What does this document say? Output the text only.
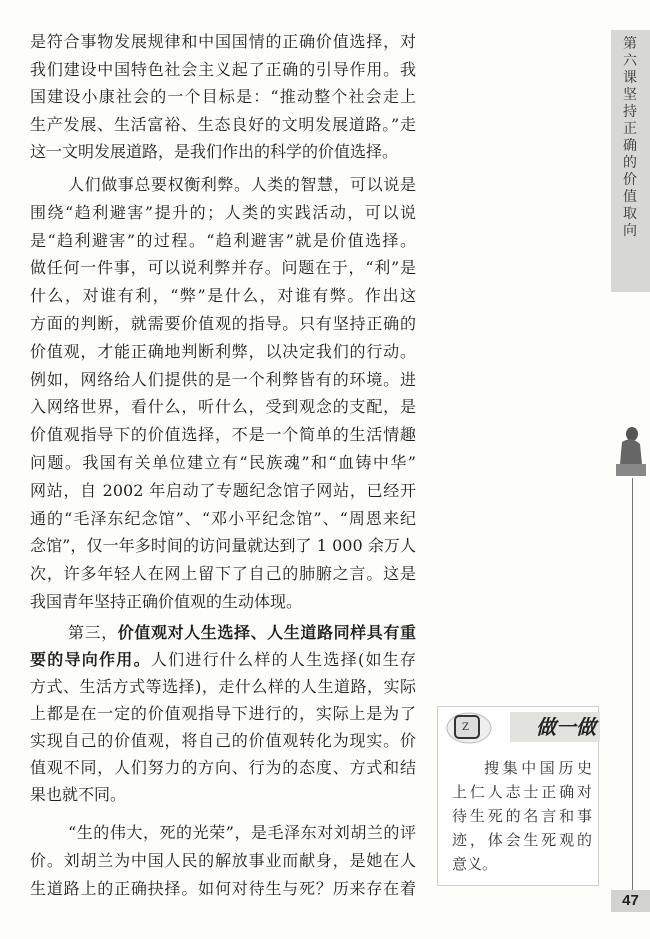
第六课 坚持正确的价值取向
47
Z	做一做
搜集中国历史
上仁人志士正确对
待生死的名言和事
迹，体会生死观的
意义。
是符合事物发展规律和中国国情的正确价值选择，对
我们建设中国特色社会主义起了正确的引导作用。我
国建设小康社会的一个目标是：“推动整个社会走上
生产发展、生活富裕、生态良好的文明发展道路。”走
这一文明发展道路，是我们作出的科学的价值选择。
人们做事总要权衡利弊。人类的智慧，可以说是
围绕“趋利避害”提升的；人类的实践活动，可以说
是“趋利避害”的过程。“趋利避害”就是价值选择。
做任何一件事，可以说利弊并存。问题在于，“利”是
什么，对谁有利，“弊”是什么，对谁有弊。作出这
方面的判断，就需要价值观的指导。只有坚持正确的
价值观，才能正确地判断利弊，以决定我们的行动。
例如，网络给人们提供的是一个利弊皆有的环境。进
入网络世界，看什么，听什么，受到观念的支配，是
价值观指导下的价值选择，不是一个简单的生活情趣
问题。我国有关单位建立有“民族魂”和“血铸中华”
网站，自 2002 年启动了专题纪念馆子网站，已经开
通的“毛泽东纪念馆”、“邓小平纪念馆”、“周恩来纪
念馆”，仅一年多时间的访问量就达到了 1 000 余万人
次，许多年轻人在网上留下了自己的肺腑之言。这是
我国青年坚持正确价值观的生动体现。
第三，价值观对人生选择、人生道路同样具有重
要的导向作用。人们进行什么样的人生选择(如生存
方式、生活方式等选择)，走什么样的人生道路，实际
上都是在一定的价值观指导下进行的，实际上是为了
实现自己的价值观，将自己的价值观转化为现实。价
值观不同，人们努力的方向、行为的态度、方式和结
果也就不同。
“生的伟大，死的光荣”，是毛泽东对刘胡兰的评
价。刘胡兰为中国人民的解放事业而献身，是她在人
生道路上的正确抉择。如何对待生与死？历来存在着
